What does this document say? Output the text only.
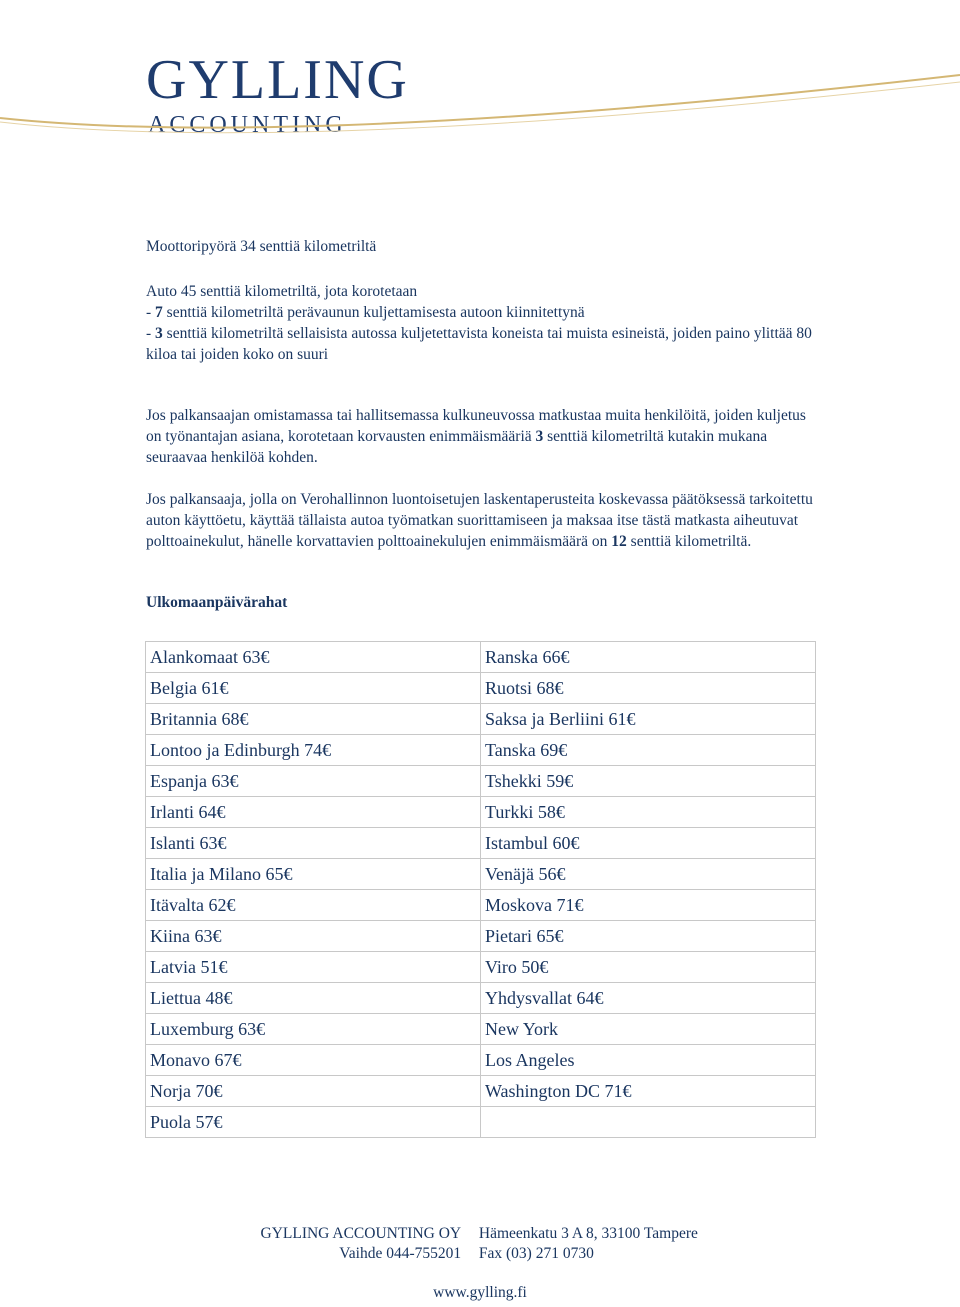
GYLLING
ACCOUNTING
Moottoripyörä 34 senttiä kilometriltä
Auto 45 senttiä kilometriltä, jota korotetaan
- 7 senttiä kilometriltä perävaunun kuljettamisesta autoon kiinnitettynä
- 3 senttiä kilometriltä sellaisista autossa kuljetettavista koneista tai muista esineistä, joiden paino ylittää 80 kiloa tai joiden koko on suuri
Jos palkansaajan omistamassa tai hallitsemassa kulkuneuvossa matkustaa muita henkilöitä, joiden kuljetus on työnantajan asiana, korotetaan korvausten enimmäismääriä 3 senttiä kilometriltä kutakin mukana seuraavaa henkilöä kohden.
Jos palkansaaja, jolla on Verohallinnon luontoisetujen laskentaperusteita koskevassa päätöksessä tarkoitettu auton käyttöetu, käyttää tällaista autoa työmatkan suorittamiseen ja maksaa itse tästä matkasta aiheutuvat polttoainekulut, hänelle korvattavien polttoainekulujen enimmäismäärä on 12 senttiä kilometriltä.
Ulkomaanpäivärahat
Alankomaat 63€	Ranska 66€
Belgia 61€	Ruotsi 68€
Britannia 68€	Saksa ja Berliini 61€
Lontoo ja Edinburgh 74€	Tanska 69€
Espanja 63€	Tshekki 59€
Irlanti 64€	Turkki 58€
Islanti 63€	Istambul 60€
Italia ja Milano 65€	Venäjä 56€
Itävalta 62€	Moskova 71€
Kiina 63€	Pietari 65€
Latvia 51€	Viro 50€
Liettua 48€	Yhdysvallat 64€
Luxemburg 63€	New York
Monavo 67€	Los Angeles
Norja 70€	Washington DC 71€
Puola 57€	
GYLLING ACCOUNTING OY Hämeenkatu 3 A 8, 33100 Tampere
Vaihde 044-755201 Fax (03) 271 0730
www.gylling.fi
